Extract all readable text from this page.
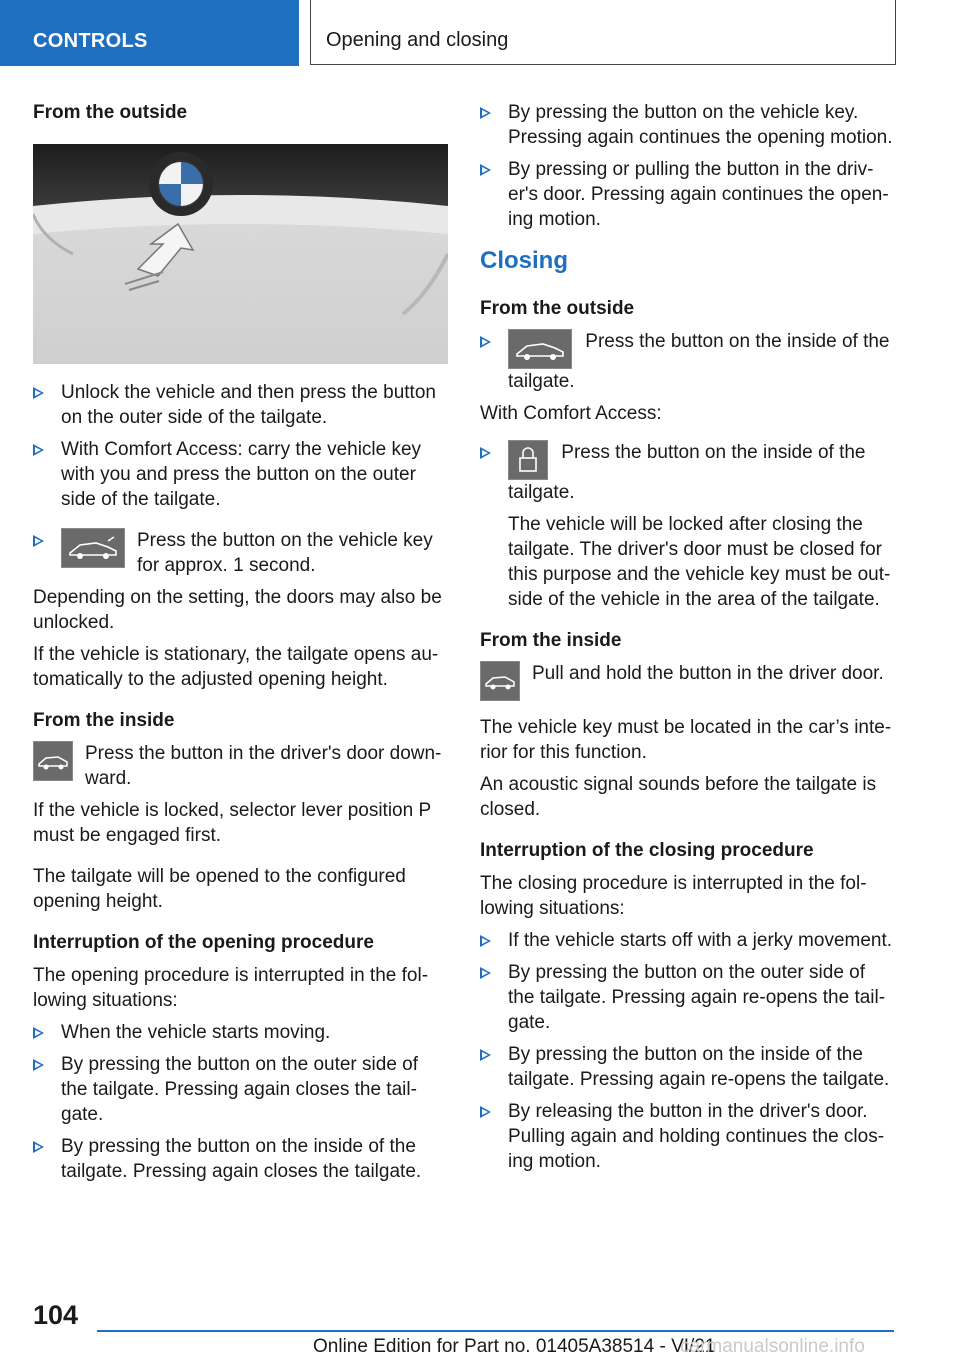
CONTROLS	Opening and closing
From the outside
Unlock the vehicle and then press the button on the outer side of the tailgate.
With Comfort Access: carry the vehicle key with you and press the button on the outer side of the tailgate.
Press the button on the vehicle key for approx. 1 second.

Depending on the setting, the doors may also be unlocked.

If the vehicle is stationary, the tailgate opens automatically to the adjusted opening height.

From the inside
Press the button in the driver's door downward.

If the vehicle is locked, selector lever position P must be engaged first.

The tailgate will be opened to the configured opening height.

Interruption of the opening procedure

The opening procedure is interrupted in the following situations:

When the vehicle starts moving.
By pressing the button on the outer side of the tailgate. Pressing again closes the tailgate.
By pressing the button on the inside of the tailgate. Pressing again closes the tailgate.
By pressing the button on the vehicle key. Pressing again continues the opening motion.
By pressing or pulling the button in the driver's door. Pressing again continues the opening motion.
Closing
From the outside
Press the button on the inside of the tailgate.

With Comfort Access:

Press the button on the inside of the tailgate.
The vehicle will be locked after closing the tailgate. The driver's door must be closed for this purpose and the vehicle key must be outside of the vehicle in the area of the tailgate.
From the inside
Pull and hold the button in the driver door.

The vehicle key must be located in the car’s interior for this function.

An acoustic signal sounds before the tailgate is closed.

Interruption of the closing procedure

The closing procedure is interrupted in the following situations:

If the vehicle starts off with a jerky movement.
By pressing the button on the outer side of the tailgate. Pressing again re-opens the tailgate.
By pressing the button on the inside of the tailgate. Pressing again re-opens the tailgate.
By releasing the button in the driver's door. Pulling again and holding continues the closing motion.
104
Online Edition for Part no. 01405A38514 - VI/21
carmanualsonline.info
